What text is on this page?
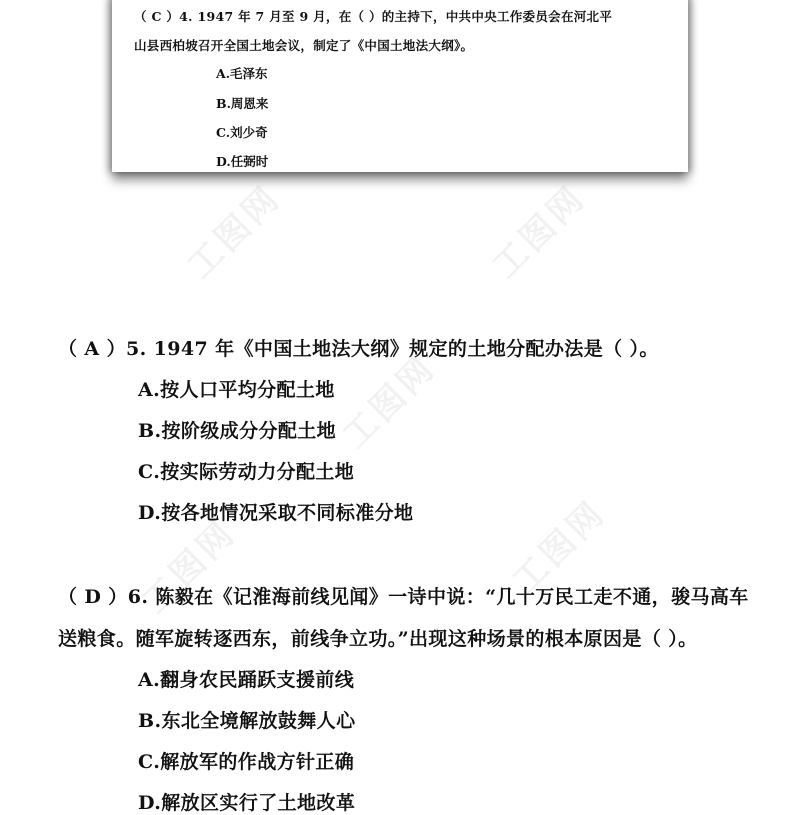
工图网	工图网
工图网
工图网	工图网
（ C ）4. 1947 年 7 月至 9 月，在（ ）的主持下，中共中央工作委员会在河北平
山县西柏坡召开全国土地会议，制定了《中国土地法大纲》。
A.毛泽东
B.周恩来
C.刘少奇
D.任弼时
（ A ）5. 1947 年《中国土地法大纲》规定的土地分配办法是（ ）。
A.按人口平均分配土地
B.按阶级成分分配土地
C.按实际劳动力分配土地
D.按各地情况采取不同标准分地
（ D ）6. 陈毅在《记淮海前线见闻》一诗中说：“几十万民工走不通，骏马高车
送粮食。随军旋转逐西东，前线争立功。”出现这种场景的根本原因是（ ）。
A.翻身农民踊跃支援前线
B.东北全境解放鼓舞人心
C.解放军的作战方针正确
D.解放区实行了土地改革
